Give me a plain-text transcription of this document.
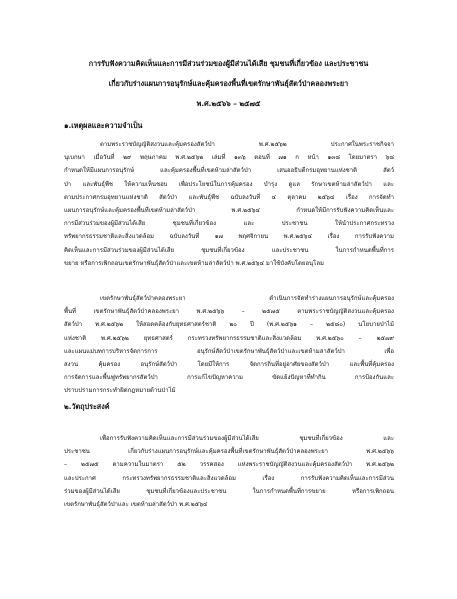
การรับฟังความคิดเห็นและการมีส่วนร่วมของผู้มีส่วนได้เสีย ชุมชนที่เกี่ยวข้อง และประชาชน
เกี่ยวกับร่างแผนการอนุรักษ์และคุ้มครองพื้นที่เขตรักษาพันธุ์สัตว์ป่าคลองพระยา
พ.ศ.๒๕๖๖ – ๒๕๗๕
๑.เหตุผลและความจำเป็น
ตามพระราชบัญญัติสงวนและคุ้มครองสัตว์ป่า พ.ศ.๒๕๖๒ ประกาศในพระราชกิจจา
นุเบกษา เมื่อวันที่ ๒๙ พฤษภาคม พ.ศ.๒๕๖๒ เล่มที่ ๑๓๖ ตอนที่ ๗๑ ก หน้า ๑๓๘ โดยมาตรา ๖๘
กำหนดให้มีแผนการอนุรักษ์ และคุ้มครองพื้นที่เขตห้ามล่าสัตว์ป่า เสนออธิบดีกรมอุทยานแห่งชาติ สัตว์
ป่า และพันธุ์พืช ให้ความเห็นชอบ เพื่อประโยชน์ในการคุ้มครอง บำรุง ดูแล รักษาเขตห้ามล่าสัตว์ป่า และ
ตามประกาศกรมอุทยานแห่งชาติ สัตว์ป่า และพันธุ์พืช ฉบับลงวันที่ ๔ ตุลาคม ๒๕๖๔ เรื่อง การจัดทำ
แผนการอนุรักษ์และคุ้มครองพื้นที่เขตห้ามล่าสัตว์ป่า พ.ศ.๒๕๖๔ กำหนดให้มีการรับฟังความคิดเห็นและ
การมีส่วนร่วมของผู้มีส่วนได้เสีย ชุมชนที่เกี่ยวข้อง และ ประชาชน ให้นำประกาศกระทรวง
ทรัพยากรธรรมชาติและสิ่งแวดล้อม ฉบับลงวันที่ ๑๗ พฤศจิกายน พ.ศ.๒๕๖๔ เรื่อง การรับฟังความ
คิดเห็นและการมีส่วนร่วมของผู้มีส่วนได้เสีย ชุมชนที่เกี่ยวข้อง และประชาชน ในการกำหนดพื้นที่การ
ขยาย หรือการเพิกถอนเขตรักษาพันธุ์สัตว์ป่าและเขตห้ามล่าสัตว์ป่า พ.ศ.๒๕๖๔ มาใช้บังคับโดยอนุโลม
เขตรักษาพันธุ์สัตว์ป่าคลองพระยา ดำเนินการจัดทำร่างแผนการอนุรักษ์และคุ้มครอง
พื้นที่ เขตรักษาพันธุ์สัตว์ป่าคลองพระยา พ.ศ.๒๕๖๖ – ๒๕๗๕ ตามพระราชบัญญัติสงวนและคุ้มครอง
สัตว์ป่า พ.ศ.๒๕๖๒ ให้สอดคล้องกับยุทธศาสตร์ชาติ ๒๐ ปี (พ.ศ.๒๕๖๑ – ๒๕๘๐) นโยบายป่าไม้
แห่งชาติ พ.ศ.๒๕๖๒ ยุทธศาสตร์ กระทรวงทรัพยากรธรรมชาติและสิ่งแวดล้อม พ.ศ.๒๕๖๐ – ๒๕๗๙
และแผนแม่บทการบริหารจัดการการ อนุรักษ์สัตว์ป่าเขตรักษาพันธุ์สัตว์ป่าและเขตห้ามล่าสัตว์ป่า เพื่อ
สงวน คุ้มครอง อนุรักษ์สัตว์ป่า โดยมีให้การ จัดการถิ่นที่อยู่อาศัยของสัตว์ป่า และพื้นที่คุ้มครอง
การจัดการและพื้นฟูทรัพยากรสัตว์ป่า การแก้ไขปัญหาความ ขัดแย้งปัญหาที่ทำกิน การป้องกันและ
ปราบปรามการกระทำผิดกฎหมายด้านป่าไม้
๒.วัตถุประสงค์
เพื่อการรับฟังความคิดเห็นและการมีส่วนร่วมของผู้มีส่วนได้เสีย ชุมชนที่เกี่ยวข้อง และ
ประชาชน เกี่ยวกับร่างแผนการอนุรักษ์และคุ้มครองพื้นที่เขตรักษาพันธุ์สัตว์ป่าคลองพระยา พ.ศ.๒๕๖๖
– ๒๕๗๕ ตามความในมาตรา ๕๒ วรรคสอง แห่งพระราชบัญญัติสงวนและคุ้มครองสัตว์ป่า พ.ศ.๒๕๖๒
และประกาศ กระทรวงทรัพยากรธรรมชาติและสิ่งแวดล้อม เรื่อง การรับฟังความคิดเห็นและการมีส่วน
ร่วมของผู้มีส่วนได้เสีย ชุมชนที่เกี่ยวข้องและประชาชน ในการกำหนดพื้นที่การขยาย หรือการเพิกถอน
เขตรักษาพันธุ์สัตว์ป่าและ เขตห้ามล่าสัตว์ป่า พ.ศ.๒๕๖๔
